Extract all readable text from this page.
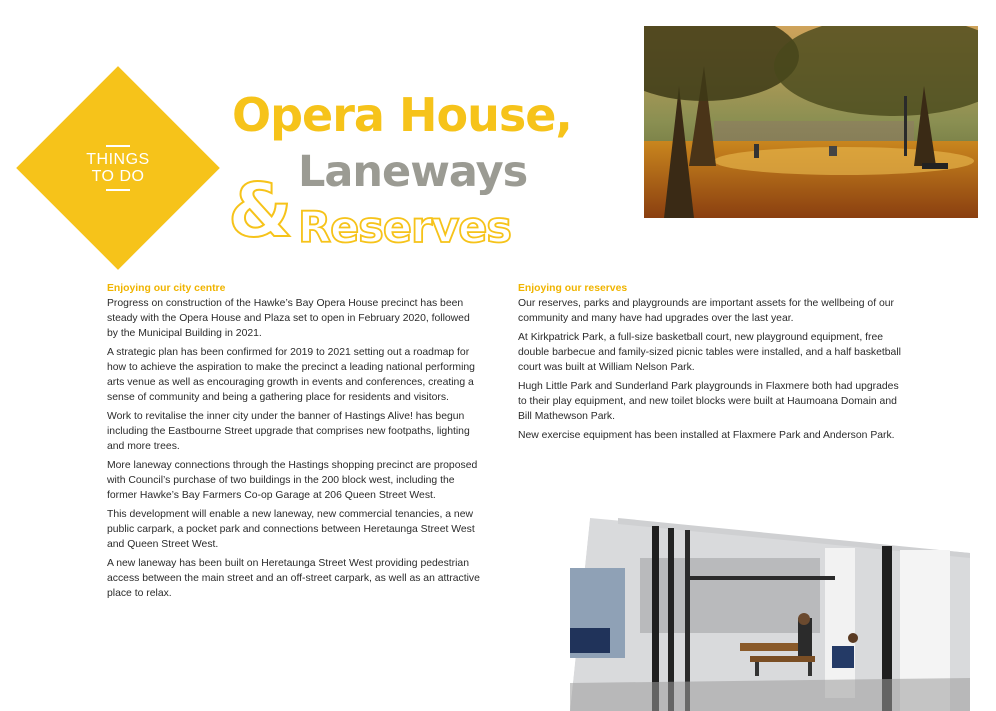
THINGS
TO DO
Opera House,
Laneways
& Reserves
Enjoying our city centre

Progress on construction of the Hawke’s Bay Opera House precinct has been steady with the Opera House and Plaza set to open in February 2020, followed by the Municipal Building in 2021.

A strategic plan has been confirmed for 2019 to 2021 setting out a roadmap for how to achieve the aspiration to make the precinct a leading national performing arts venue as well as encouraging growth in events and conferences, creating a sense of community and being a gathering place for residents and visitors.

Work to revitalise the inner city under the banner of Hastings Alive! has begun including the Eastbourne Street upgrade that comprises new footpaths, lighting and more trees.

More laneway connections through the Hastings shopping precinct are proposed with Council’s purchase of two buildings in the 200 block west, including the former Hawke’s Bay Farmers Co-op Garage at 206 Queen Street West.

This development will enable a new laneway, new commercial tenancies, a new public carpark, a pocket park and connections between Heretaunga Street West and Queen Street West.

A new laneway has been built on Heretaunga Street West providing pedestrian access between the main street and an off-street carpark, as well as an attractive place to relax.

Enjoying our reserves

Our reserves, parks and playgrounds are important assets for the wellbeing of our community and many have had upgrades over the last year.

At Kirkpatrick Park, a full-size basketball court, new playground equipment, free double barbecue and family-sized picnic tables were installed, and a half basketball court was built at William Nelson Park.

Hugh Little Park and Sunderland Park playgrounds in Flaxmere both had upgrades to their play equipment, and new toilet blocks were built at Haumoana Domain and Bill Mathewson Park.

New exercise equipment has been installed at Flaxmere Park and Anderson Park.
